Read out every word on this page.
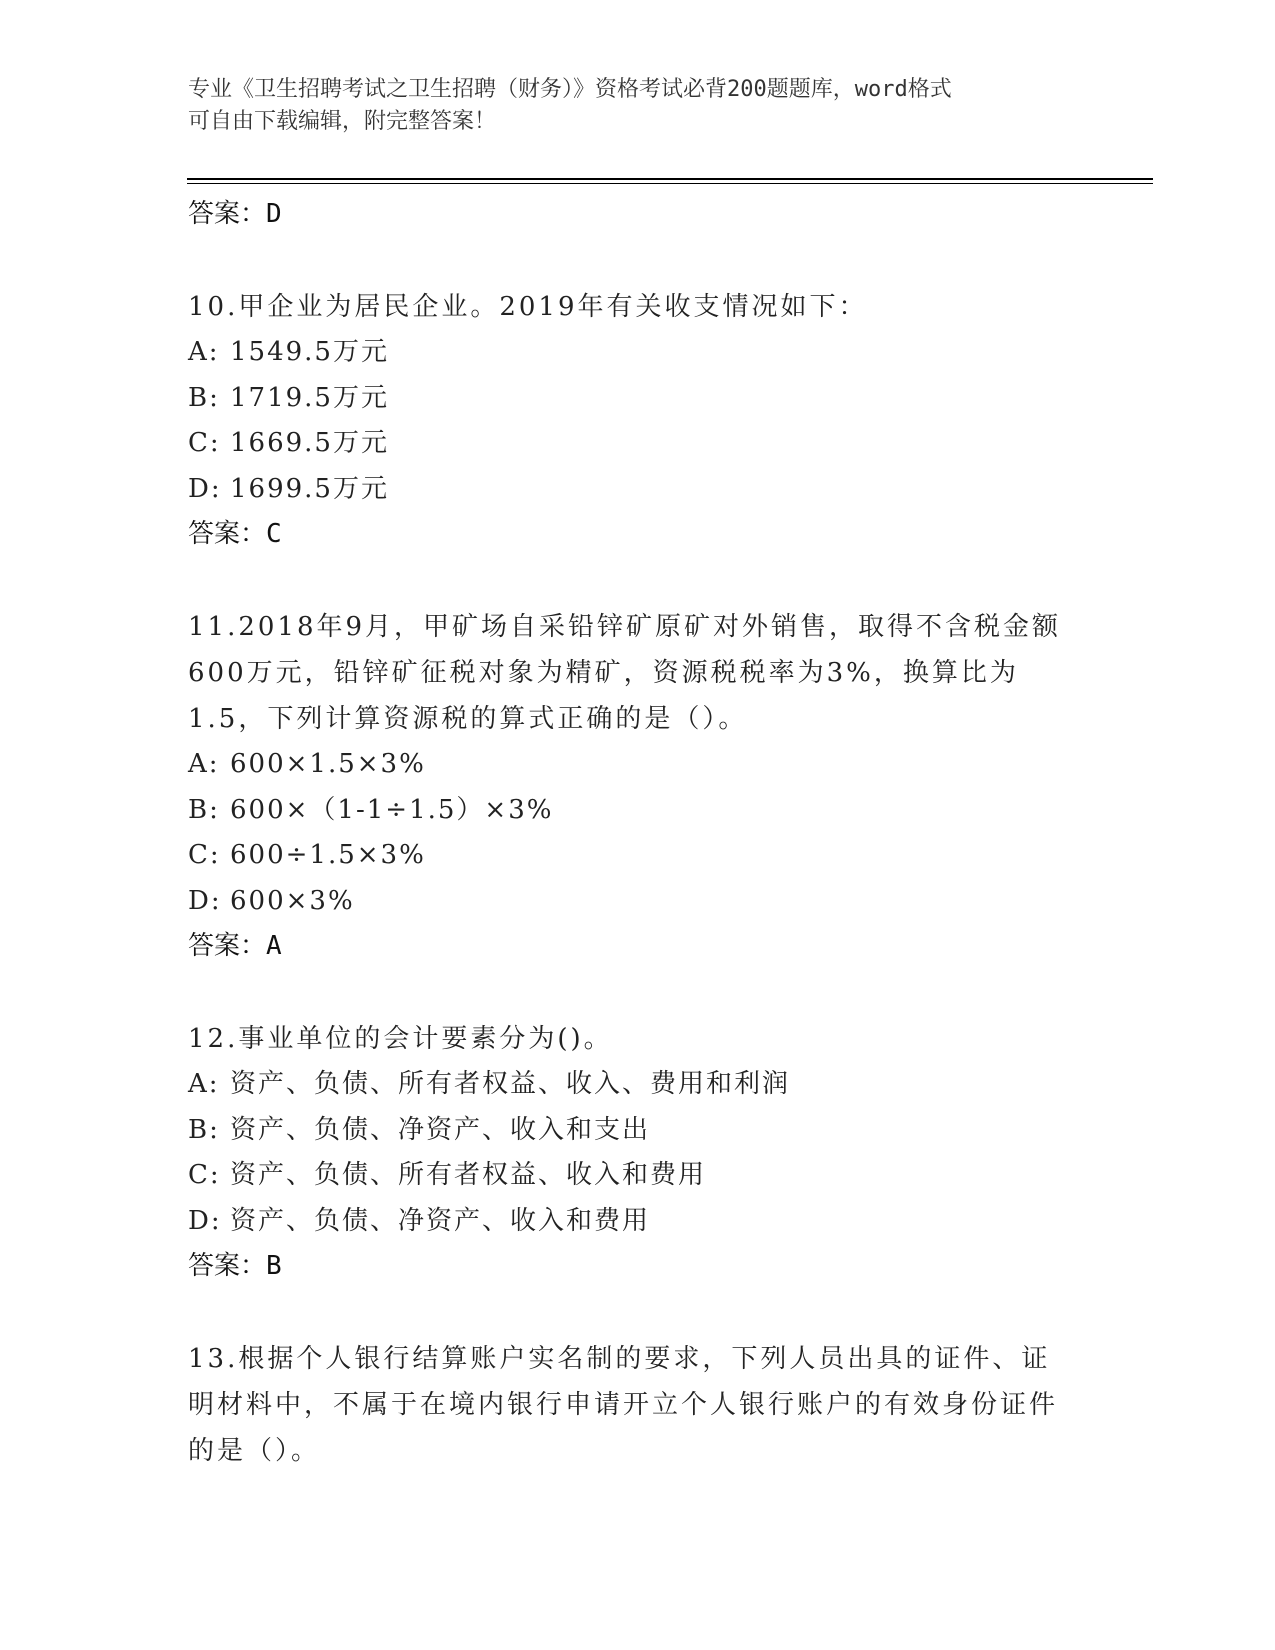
专业《卫生招聘考试之卫生招聘（财务）》资格考试必背200题题库，word格式
可自由下载编辑，附完整答案！
答案：D
10.甲企业为居民企业。2019年有关收支情况如下：
A: 1549.5万元
B: 1719.5万元
C: 1669.5万元
D: 1699.5万元
答案：C
11.2018年9月，甲矿场自采铅锌矿原矿对外销售，取得不含税金额600万元，铅锌矿征税对象为精矿，资源税税率为3%，换算比为1.5，下列计算资源税的算式正确的是（）。
A: 600×1.5×3%
B: 600×（1-1÷1.5）×3%
C: 600÷1.5×3%
D: 600×3%
答案：A
12.事业单位的会计要素分为()。
A: 资产、负债、所有者权益、收入、费用和利润
B: 资产、负债、净资产、收入和支出
C: 资产、负债、所有者权益、收入和费用
D: 资产、负债、净资产、收入和费用
答案：B
13.根据个人银行结算账户实名制的要求，下列人员出具的证件、证明材料中，不属于在境内银行申请开立个人银行账户的有效身份证件的是（）。
